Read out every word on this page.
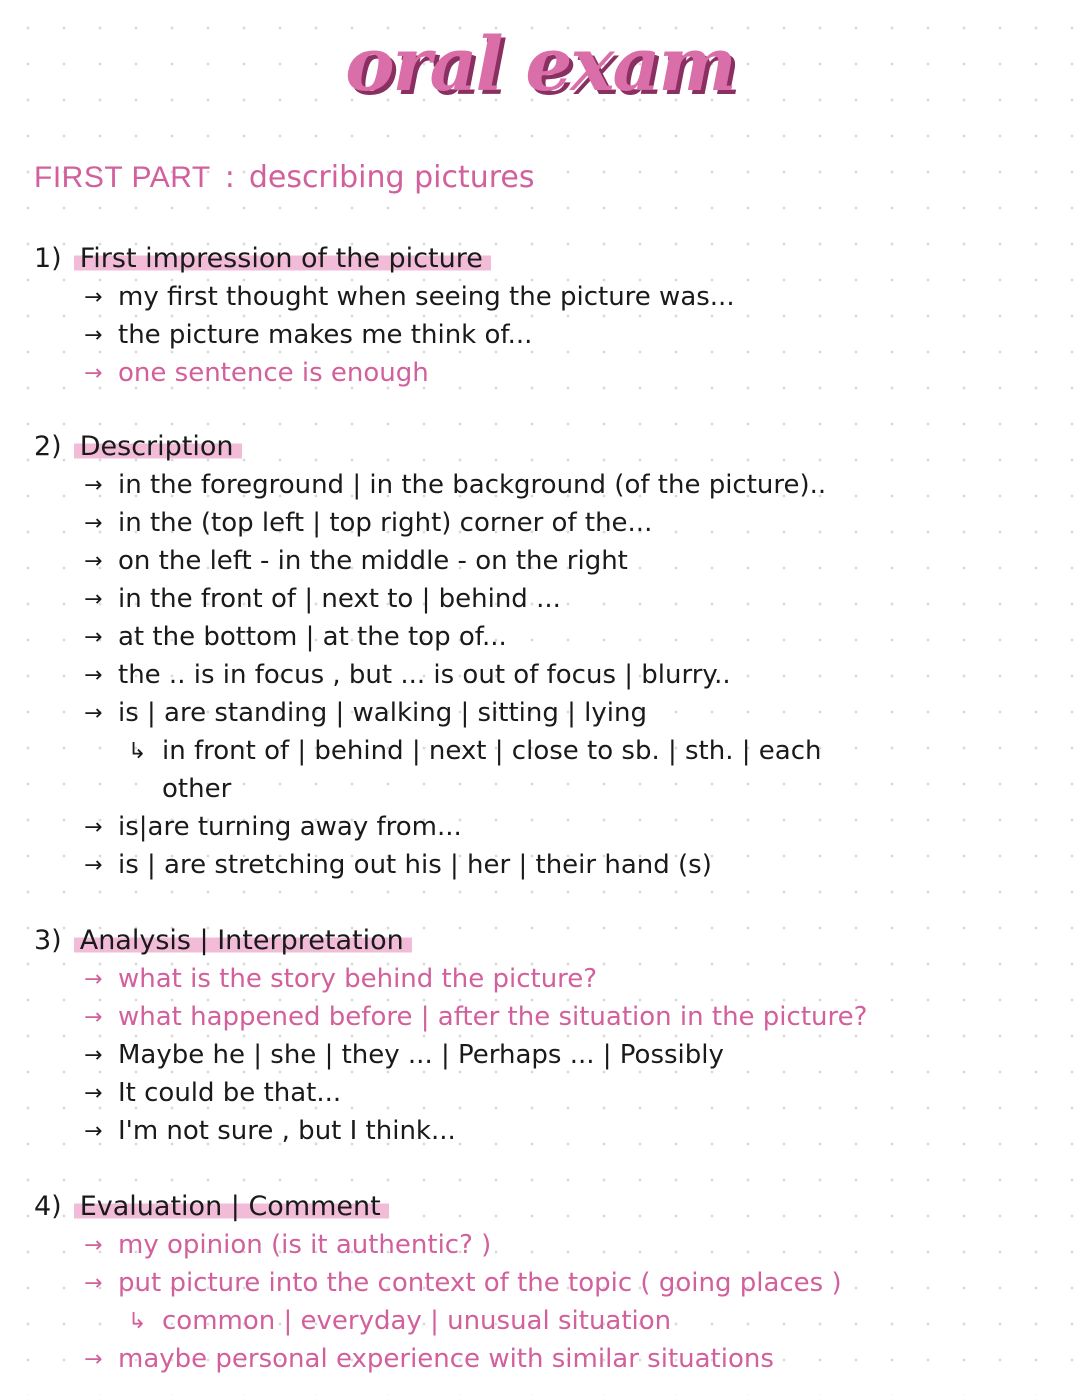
oral exam
FIRST PART : describing pictures
1) First impression of the picture
→ my first thought when seeing the picture was...
→ the picture makes me think of...
→ one sentence is enough
2) Description
→ in the foreground | in the background (of the picture)..
→ in the (top left | top right) corner of the...
→ on the left - in the middle - on the right
→ in the front of | next to | behind ...
→ at the bottom | at the top of...
→ the .. is in focus , but ... is out of focus | blurry..
→ is | are standing | walking | sitting | lying
↳ in front of | behind | next | close to sb. | sth. | each
other
→ is|are turning away from...
→ is | are stretching out his | her | their hand (s)
3) Analysis | Interpretation
→ what is the story behind the picture?
→ what happened before | after the situation in the picture?
→ Maybe he | she | they ... | Perhaps ... | Possibly
→ It could be that...
→ I'm not sure , but I think...
4) Evaluation | Comment
→ my opinion (is it authentic? )
→ put picture into the context of the topic ( going places )
↳ common | everyday | unusual situation
→ maybe personal experience with similar situations
